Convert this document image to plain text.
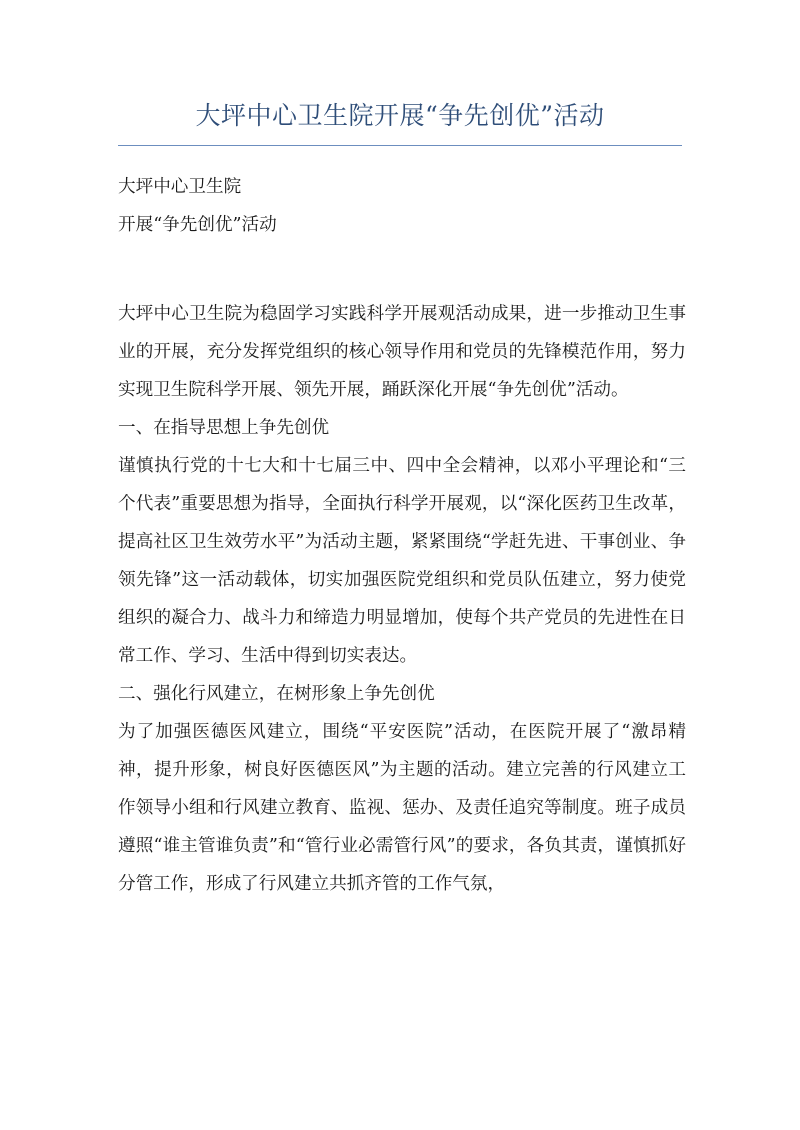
大坪中心卫生院开展“争先创优”活动

大坪中心卫生院

开展“争先创优”活动

大坪中心卫生院为稳固学习实践科学开展观活动成果，进一步推动卫生事业的开展，充分发挥党组织的核心领导作用和党员的先锋模范作用，努力实现卫生院科学开展、领先开展，踊跃深化开展“争先创优”活动。

一、在指导思想上争先创优

谨慎执行党的十七大和十七届三中、四中全会精神，以邓小平理论和“三个代表”重要思想为指导，全面执行科学开展观，以“深化医药卫生改革，提高社区卫生效劳水平”为活动主题，紧紧围绕“学赶先进、干事创业、争领先锋”这一活动载体，切实加强医院党组织和党员队伍建立，努力使党组织的凝合力、战斗力和缔造力明显增加，使每个共产党员的先进性在日常工作、学习、生活中得到切实表达。

二、强化行风建立，在树形象上争先创优

为了加强医德医风建立，围绕“平安医院”活动，在医院开展了“激昂精神，提升形象，树良好医德医风”为主题的活动。建立完善的行风建立工作领导小组和行风建立教育、监视、惩办、及责任追究等制度。班子成员遵照“谁主管谁负责”和“管行业必需管行风”的要求，各负其责，谨慎抓好分管工作，形成了行风建立共抓齐管的工作气氛，
